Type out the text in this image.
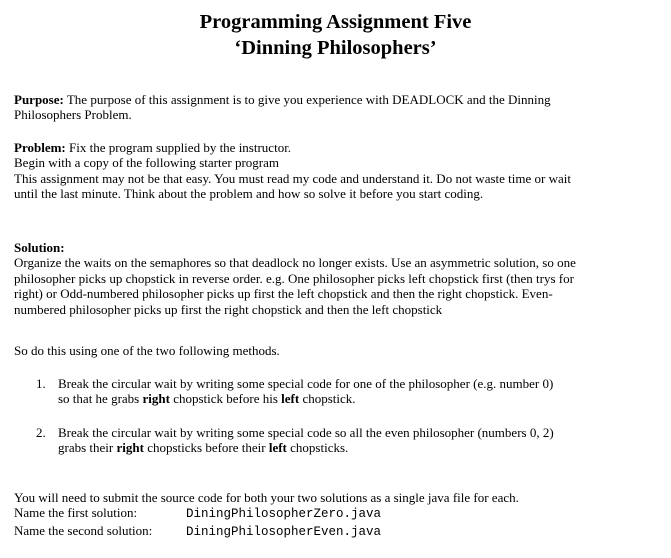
Programming Assignment Five
‘Dinning Philosophers’
Purpose: The purpose of this assignment is to give you experience with DEADLOCK and the Dinning
Philosophers Problem.
Problem: Fix the program supplied by the instructor.
Begin with a copy of the following starter program
This assignment may not be that easy. You must read my code and understand it. Do not waste time or wait
until the last minute. Think about the problem and how so solve it before you start coding.
Solution:
Organize the waits on the semaphores so that deadlock no longer exists. Use an asymmetric solution, so one
philosopher picks up chopstick in reverse order. e.g. One philosopher picks left chopstick first (then trys for
right) or Odd-numbered philosopher picks up first the left chopstick and then the right chopstick. Even-
numbered philosopher picks up first the right chopstick and then the left chopstick
So do this using one of the two following methods.
1. Break the circular wait by writing some special code for one of the philosopher (e.g. number 0)
so that he grabs right chopstick before his left chopstick.
2. Break the circular wait by writing some special code so all the even philosopher (numbers 0, 2)
grabs their right chopsticks before their left chopsticks.
You will need to submit the source code for both your two solutions as a single java file for each.
Name the first solution:	DiningPhilosopherZero.java
Name the second solution:	DiningPhilosopherEven.java
